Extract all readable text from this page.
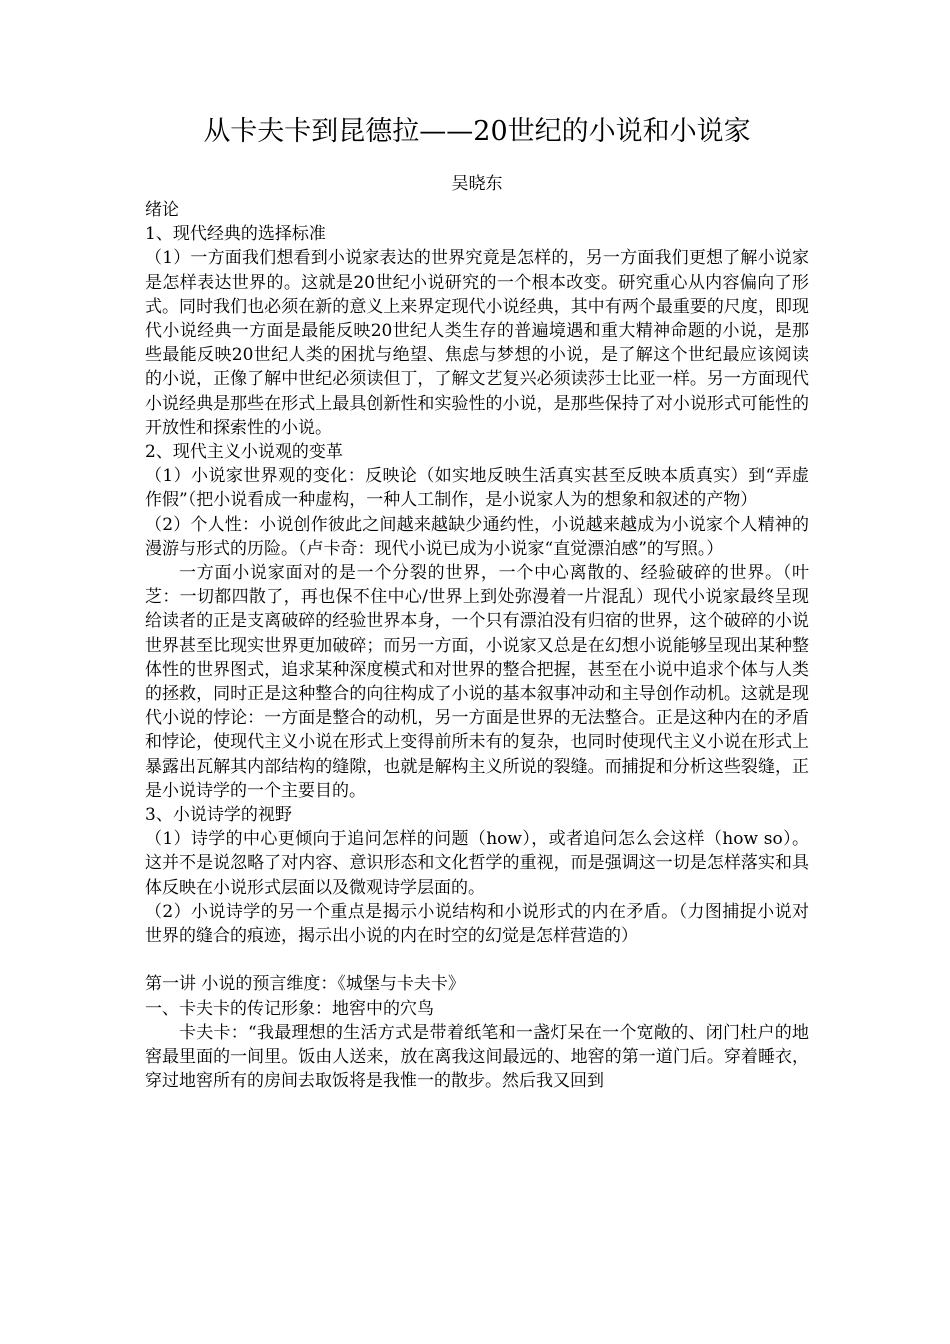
从卡夫卡到昆德拉——20世纪的小说和小说家

吴晓东

绪论

1、现代经典的选择标准

（1）一方面我们想看到小说家表达的世界究竟是怎样的，另一方面我们更想了解小说家是怎样表达世界的。这就是20世纪小说研究的一个根本改变。研究重心从内容偏向了形式。同时我们也必须在新的意义上来界定现代小说经典，其中有两个最重要的尺度，即现代小说经典一方面是最能反映20世纪人类生存的普遍境遇和重大精神命题的小说，是那些最能反映20世纪人类的困扰与绝望、焦虑与梦想的小说，是了解这个世纪最应该阅读的小说，正像了解中世纪必须读但丁，了解文艺复兴必须读莎士比亚一样。另一方面现代小说经典是那些在形式上最具创新性和实验性的小说，是那些保持了对小说形式可能性的开放性和探索性的小说。

2、现代主义小说观的变革

（1）小说家世界观的变化：反映论（如实地反映生活真实甚至反映本质真实）到“弄虚作假”（把小说看成一种虚构，一种人工制作，是小说家人为的想象和叙述的产物）

（2）个人性：小说创作彼此之间越来越缺少通约性，小说越来越成为小说家个人精神的漫游与形式的历险。（卢卡奇：现代小说已成为小说家“直觉漂泊感”的写照。）

一方面小说家面对的是一个分裂的世界，一个中心离散的、经验破碎的世界。（叶芝：一切都四散了，再也保不住中心/世界上到处弥漫着一片混乱）现代小说家最终呈现给读者的正是支离破碎的经验世界本身，一个只有漂泊没有归宿的世界，这个破碎的小说世界甚至比现实世界更加破碎；而另一方面，小说家又总是在幻想小说能够呈现出某种整体性的世界图式，追求某种深度模式和对世界的整合把握，甚至在小说中追求个体与人类的拯救，同时正是这种整合的向往构成了小说的基本叙事冲动和主导创作动机。这就是现代小说的悖论：一方面是整合的动机，另一方面是世界的无法整合。正是这种内在的矛盾和悖论，使现代主义小说在形式上变得前所未有的复杂，也同时使现代主义小说在形式上暴露出瓦解其内部结构的缝隙，也就是解构主义所说的裂缝。而捕捉和分析这些裂缝，正是小说诗学的一个主要目的。

3、小说诗学的视野

（1）诗学的中心更倾向于追问怎样的问题（how），或者追问怎么会这样（how so）。这并不是说忽略了对内容、意识形态和文化哲学的重视，而是强调这一切是怎样落实和具体反映在小说形式层面以及微观诗学层面的。

（2）小说诗学的另一个重点是揭示小说结构和小说形式的内在矛盾。（力图捕捉小说对世界的缝合的痕迹，揭示出小说的内在时空的幻觉是怎样营造的）

第一讲 小说的预言维度：《城堡与卡夫卡》

一、卡夫卡的传记形象：地窖中的穴鸟

卡夫卡：“我最理想的生活方式是带着纸笔和一盏灯呆在一个宽敞的、闭门杜户的地窖最里面的一间里。饭由人送来，放在离我这间最远的、地窖的第一道门后。穿着睡衣，穿过地窖所有的房间去取饭将是我惟一的散步。然后我又回到
